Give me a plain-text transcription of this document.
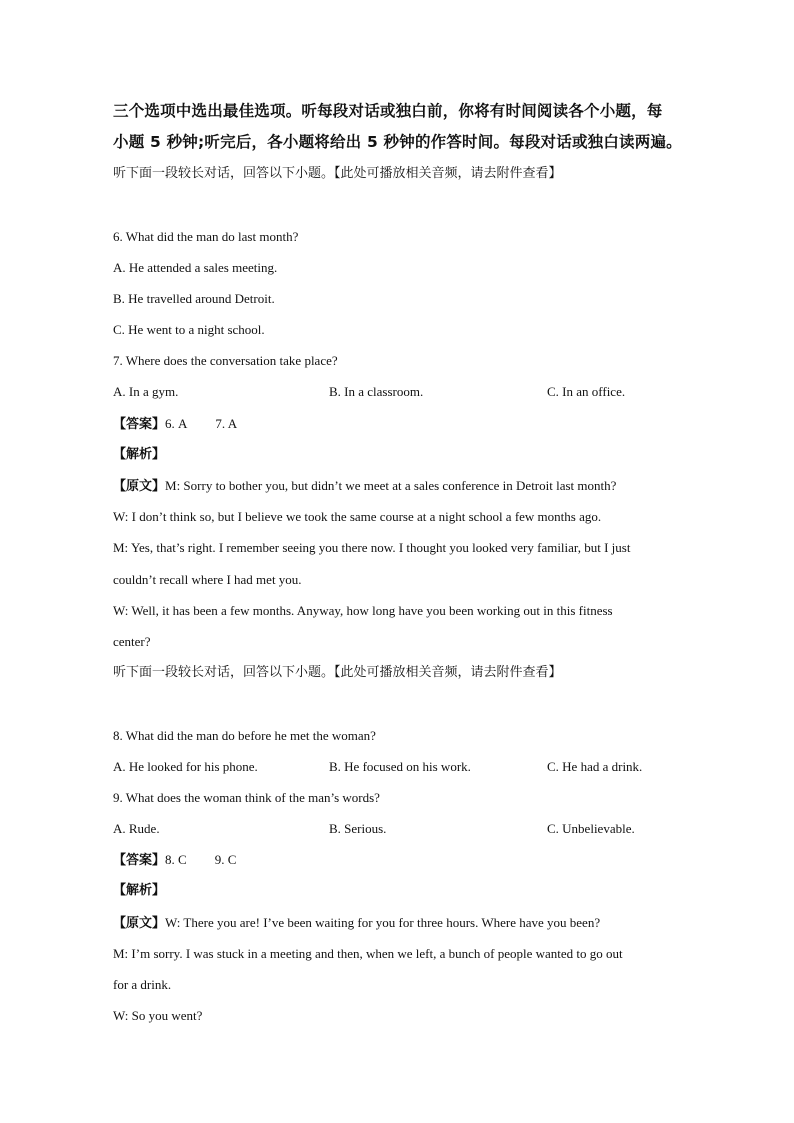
三个选项中选出最佳选项。听每段对话或独白前，你将有时间阅读各个小题，每
小题 5 秒钟;听完后，各小题将给出 5 秒钟的作答时间。每段对话或独白读两遍。
听下面一段较长对话，回答以下小题。【此处可播放相关音频，请去附件查看】
6. What did the man do last month?
A. He attended a sales meeting.
B. He travelled around Detroit.
C. He went to a night school.
7. Where does the conversation take place?
A. In a gym.	B. In a classroom.	C. In an office.
【答案】6. A 7. A
【解析】
【原文】M: Sorry to bother you, but didn’t we meet at a sales conference in Detroit last month?
W: I don’t think so, but I believe we took the same course at a night school a few months ago.
M: Yes, that’s right. I remember seeing you there now. I thought you looked very familiar, but I just
couldn’t recall where I had met you.
W: Well, it has been a few months. Anyway, how long have you been working out in this fitness
center?
听下面一段较长对话，回答以下小题。【此处可播放相关音频，请去附件查看】
8. What did the man do before he met the woman?
A. He looked for his phone.	B. He focused on his work.	C. He had a drink.
9. What does the woman think of the man’s words?
A. Rude.	B. Serious.	C. Unbelievable.
【答案】8. C 9. C
【解析】
【原文】W: There you are! I’ve been waiting for you for three hours. Where have you been?
M: I’m sorry. I was stuck in a meeting and then, when we left, a bunch of people wanted to go out
for a drink.
W: So you went?
